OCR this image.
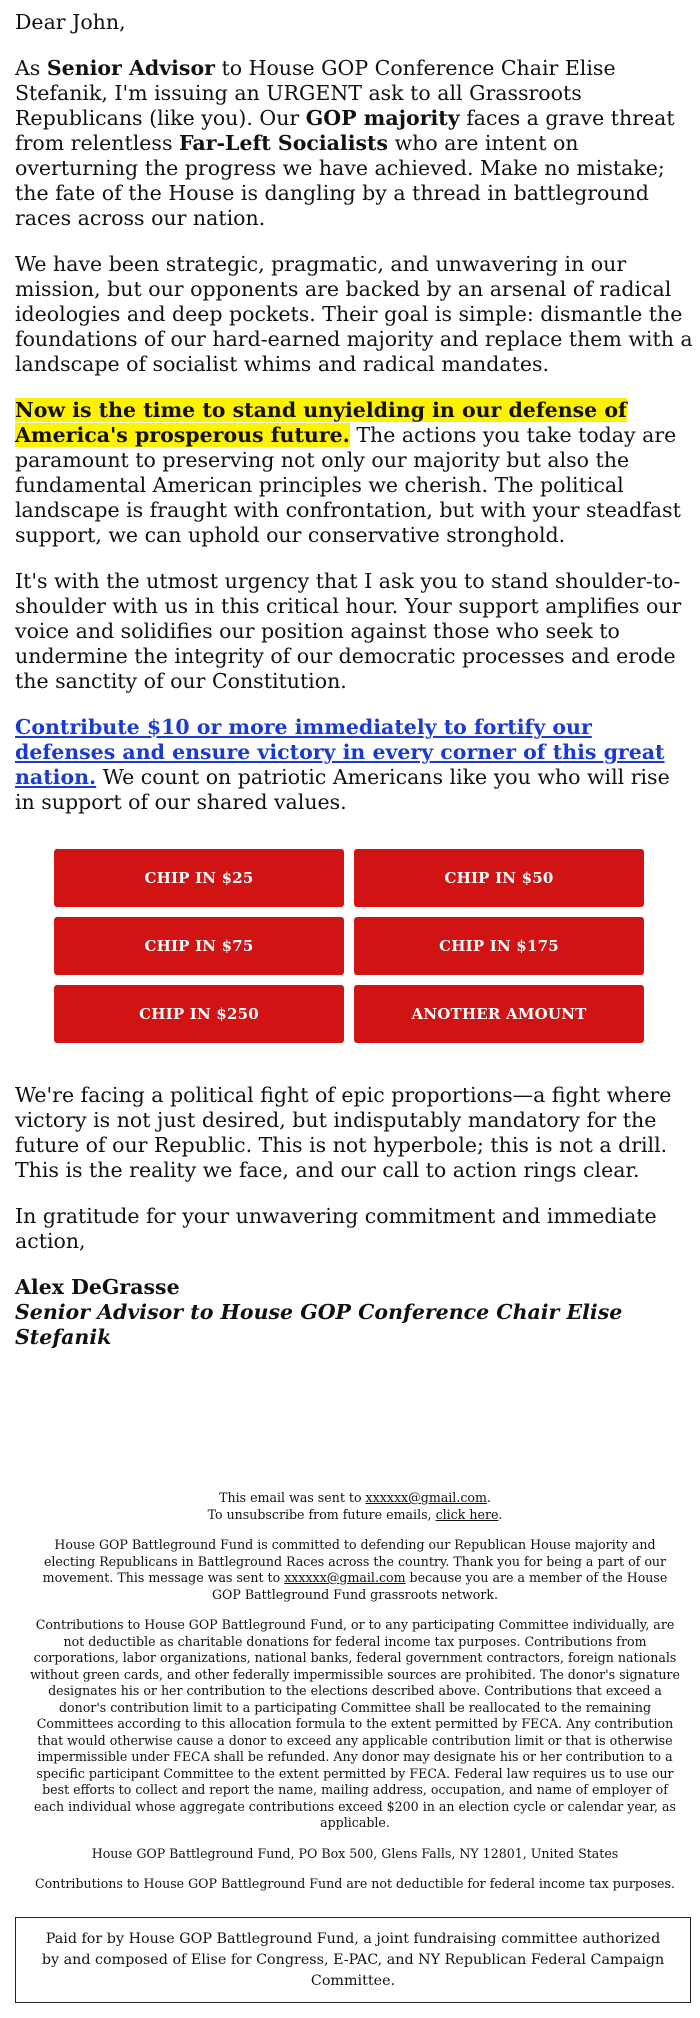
Dear John,

As Senior Advisor to House GOP Conference Chair Elise Stefanik, I'm issuing an URGENT ask to all Grassroots Republicans (like you). Our GOP majority faces a grave threat from relentless Far-Left Socialists who are intent on overturning the progress we have achieved. Make no mistake; the fate of the House is dangling by a thread in battleground races across our nation.

We have been strategic, pragmatic, and unwavering in our mission, but our opponents are backed by an arsenal of radical ideologies and deep pockets. Their goal is simple: dismantle the foundations of our hard-earned majority and replace them with a landscape of socialist whims and radical mandates.

Now is the time to stand unyielding in our defense of America's prosperous future. The actions you take today are paramount to preserving not only our majority but also the fundamental American principles we cherish. The political landscape is fraught with confrontation, but with your steadfast support, we can uphold our conservative stronghold.

It's with the utmost urgency that I ask you to stand shoulder-to-shoulder with us in this critical hour. Your support amplifies our voice and solidifies our position against those who seek to undermine the integrity of our democratic processes and erode the sanctity of our Constitution.

Contribute $10 or more immediately to fortify our defenses and ensure victory in every corner of this great nation. We count on patriotic Americans like you who will rise in support of our shared values.

CHIP IN $25	CHIP IN $50
CHIP IN $75	CHIP IN $175
CHIP IN $250	ANOTHER AMOUNT

We're facing a political fight of epic proportions—a fight where victory is not just desired, but indisputably mandatory for the future of our Republic. This is not hyperbole; this is not a drill. This is the reality we face, and our call to action rings clear.

In gratitude for your unwavering commitment and immediate action,

Alex DeGrasse
Senior Advisor to House GOP Conference Chair Elise Stefanik

This email was sent to xxxxxx@gmail.com.

To unsubscribe from future emails, click here.

House GOP Battleground Fund is committed to defending our Republican House majority and electing Republicans in Battleground Races across the country. Thank you for being a part of our movement. This message was sent to xxxxxx@gmail.com because you are a member of the House GOP Battleground Fund grassroots network.

Contributions to House GOP Battleground Fund, or to any participating Committee individually, are not deductible as charitable donations for federal income tax purposes. Contributions from corporations, labor organizations, national banks, federal government contractors, foreign nationals without green cards, and other federally impermissible sources are prohibited. The donor's signature designates his or her contribution to the elections described above. Contributions that exceed a donor's contribution limit to a participating Committee shall be reallocated to the remaining Committees according to this allocation formula to the extent permitted by FECA. Any contribution that would otherwise cause a donor to exceed any applicable contribution limit or that is otherwise impermissible under FECA shall be refunded. Any donor may designate his or her contribution to a specific participant Committee to the extent permitted by FECA. Federal law requires us to use our best efforts to collect and report the name, mailing address, occupation, and name of employer of each individual whose aggregate contributions exceed $200 in an election cycle or calendar year, as applicable.

House GOP Battleground Fund, PO Box 500, Glens Falls, NY 12801, United States

Contributions to House GOP Battleground Fund are not deductible for federal income tax purposes.

Paid for by House GOP Battleground Fund, a joint fundraising committee authorized by and composed of Elise for Congress, E-PAC, and NY Republican Federal Campaign Committee.
